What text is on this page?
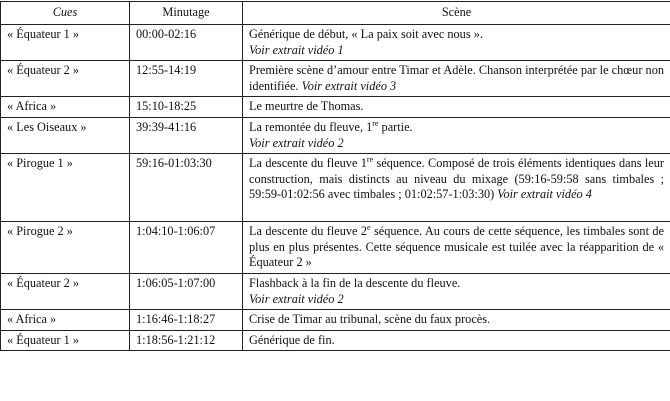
Cues	Minutage	Scène
« Équateur 1 »	00:00-02:16	Générique de début, « La paix soit avec nous ».
Voir extrait vidéo 1
« Équateur 2 »	12:55-14:19	Première scène d’amour entre Timar et Adèle. Chanson interprétée par le chœur non identifiée. Voir extrait vidéo 3
« Africa »	15:10-18:25	Le meurtre de Thomas.
« Les Oiseaux »	39:39-41:16	La remontée du fleuve, 1re partie.
Voir extrait vidéo 2
« Pirogue 1 »	59:16-01:03:30	La descente du fleuve 1re séquence. Composé de trois éléments identiques dans leur construction, mais distincts au niveau du mixage (59:16-59:58 sans timbales ; 59:59-01:02:56 avec timbales ; 01:02:57-1:03:30) Voir extrait vidéo 4
« Pirogue 2 »	1:04:10-1:06:07	La descente du fleuve 2e séquence. Au cours de cette séquence, les timbales sont de plus en plus présentes. Cette séquence musicale est tuilée avec la réapparition de « Équateur 2 »
« Équateur 2 »	1:06:05-1:07:00	Flashback à la fin de la descente du fleuve.
Voir extrait vidéo 2
« Africa »	1:16:46-1:18:27	Crise de Timar au tribunal, scène du faux procès.
« Équateur 1 »	1:18:56-1:21:12	Générique de fin.
